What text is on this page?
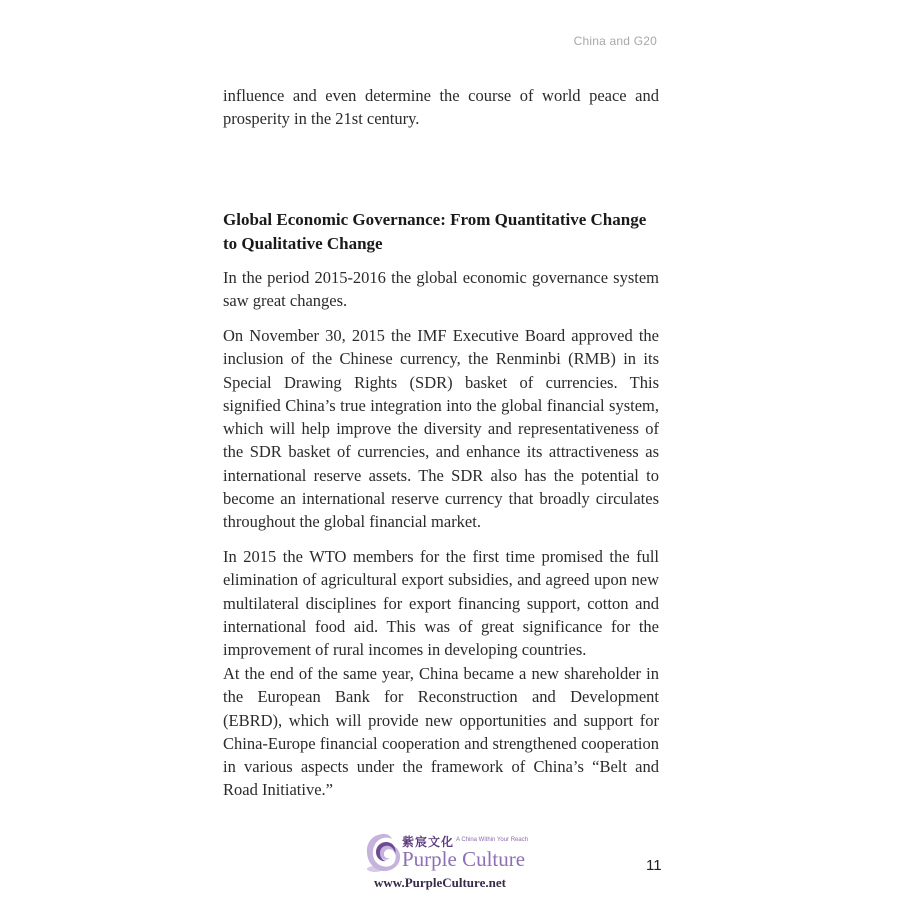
China and G20

influence and even determine the course of world peace and prosperity in the 21st century.

Global Economic Governance: From Quantitative Change to Qualitative Change

In the period 2015-2016 the global economic governance system saw great changes.

On November 30, 2015 the IMF Executive Board approved the inclusion of the Chinese currency, the Renminbi (RMB) in its Special Drawing Rights (SDR) basket of currencies. This signified China’s true integration into the global financial system, which will help improve the diversity and representativeness of the SDR basket of currencies, and enhance its attractiveness as international reserve assets. The SDR also has the potential to become an international reserve currency that broadly circulates throughout the global financial market.

In 2015 the WTO members for the first time promised the full elimination of agricultural export subsidies, and agreed upon new multilateral disciplines for export financing support, cotton and international food aid. This was of great significance for the improvement of rural incomes in developing countries.

At the end of the same year, China became a new shareholder in the European Bank for Reconstruction and Development (EBRD), which will provide new opportunities and support for China-Europe financial cooperation and strengthened cooperation in various aspects under the framework of China’s “Belt and Road Initiative.”

11
紫宸文化 A China Within Your Reach
Purple Culture
www.PurpleCulture.net
